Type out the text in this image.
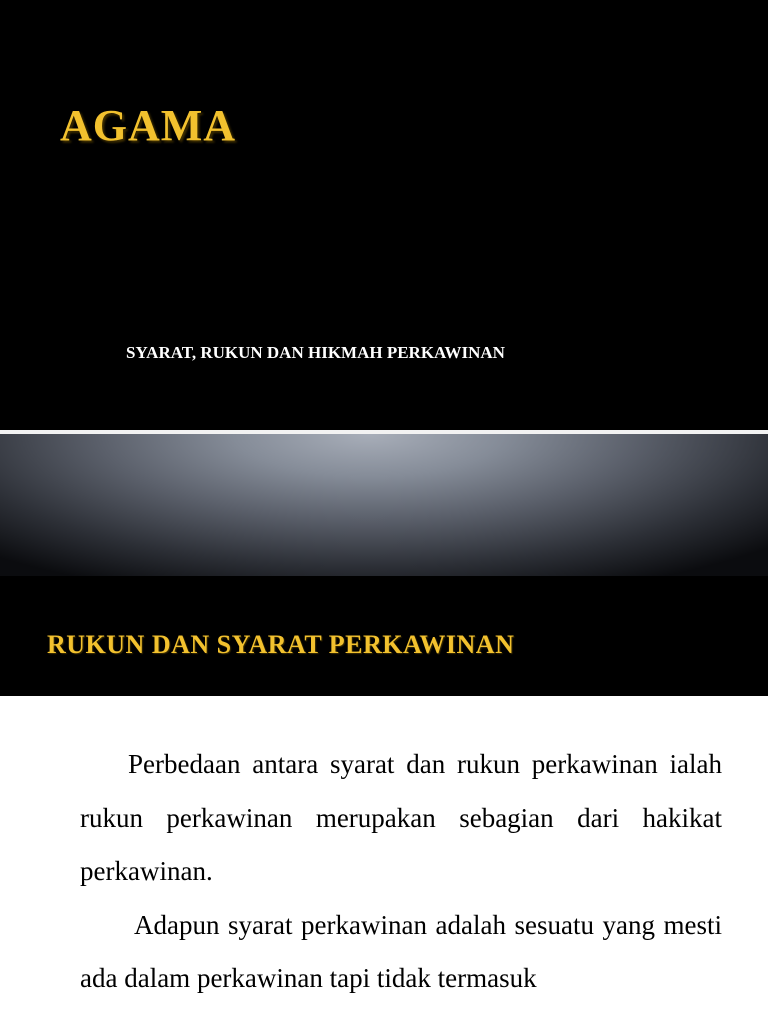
AGAMA

SYARAT, RUKUN DAN HIKMAH PERKAWINAN

RUKUN DAN SYARAT PERKAWINAN

Perbedaan antara syarat dan rukun perkawinan ialah rukun perkawinan merupakan sebagian dari hakikat perkawinan.

Adapun syarat perkawinan adalah sesuatu yang mesti ada dalam perkawinan tapi tidak termasuk
